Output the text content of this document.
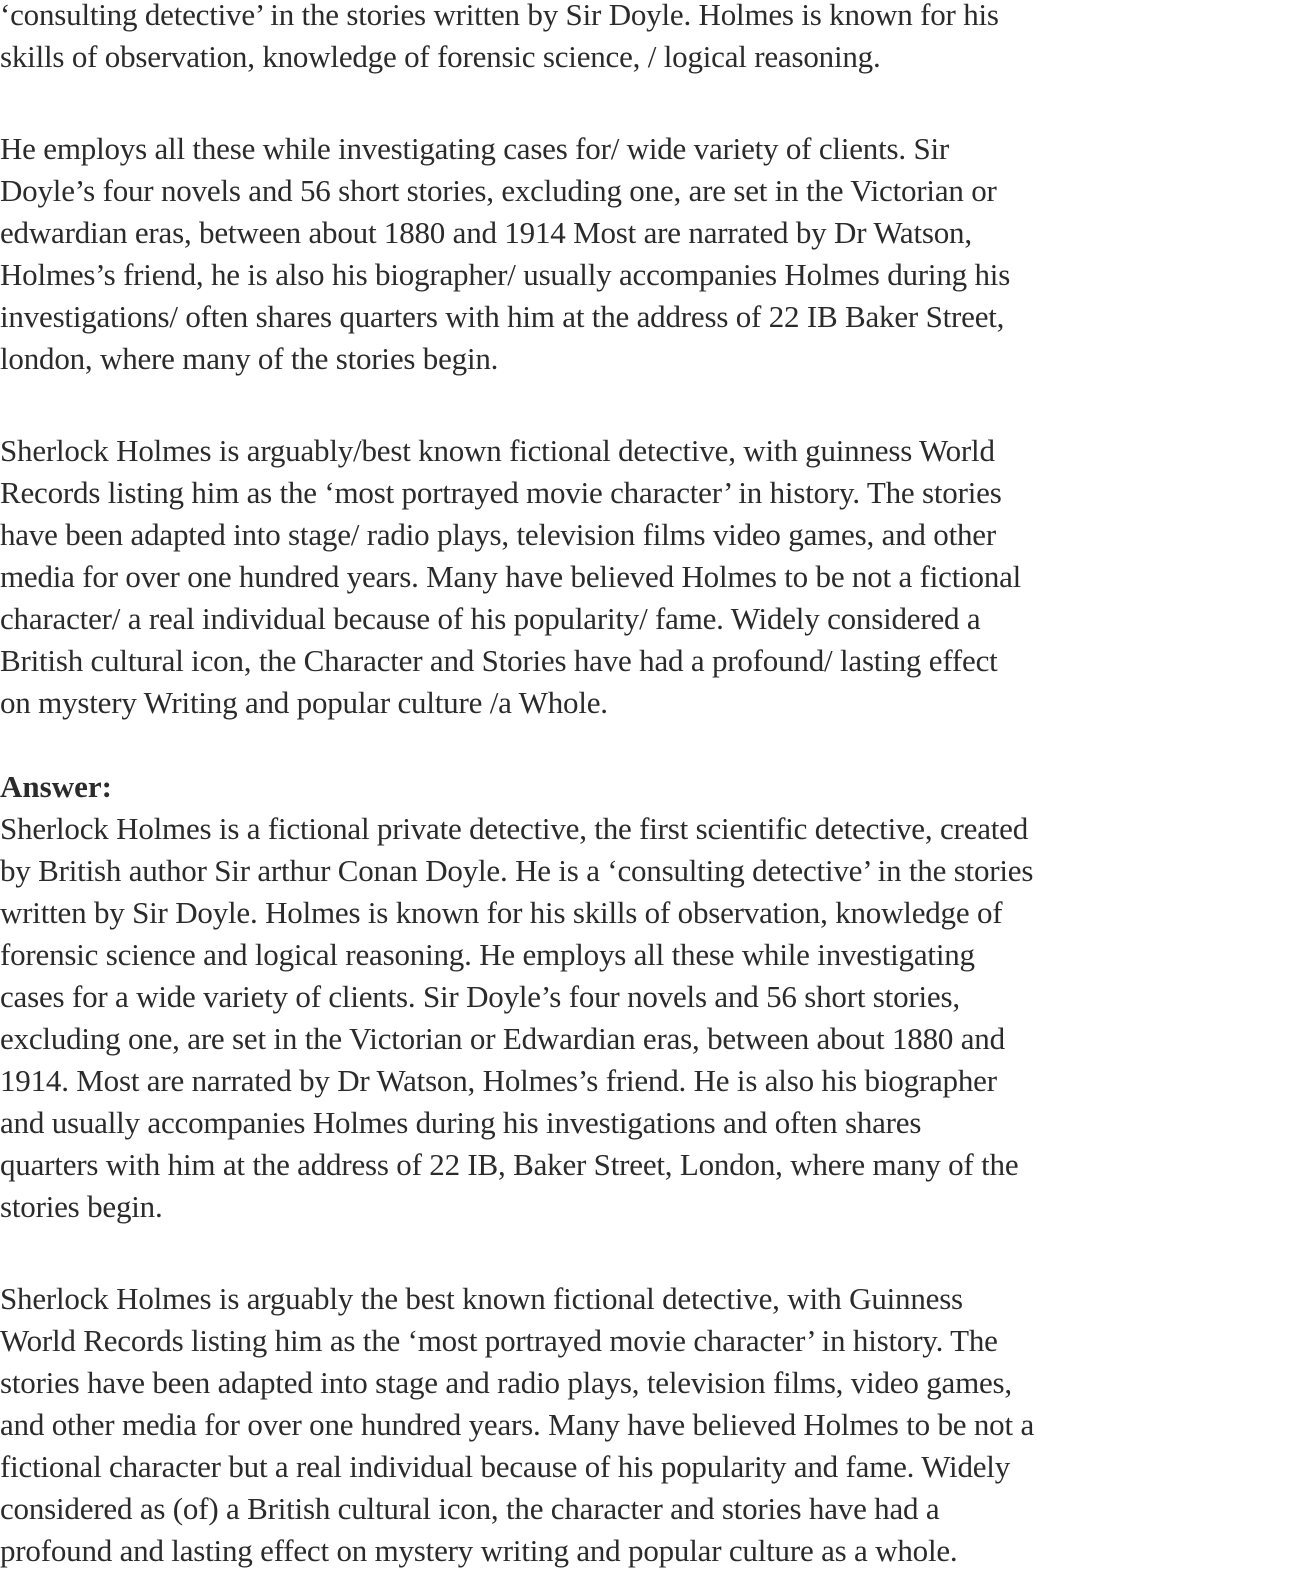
‘consulting detective’ in the stories written by Sir Doyle. Holmes is known for his
skills of observation, knowledge of forensic science, / logical reasoning.
He employs all these while investigating cases for/ wide variety of clients. Sir
Doyle’s four novels and 56 short stories, excluding one, are set in the Victorian or
edwardian eras, between about 1880 and 1914 Most are narrated by Dr Watson,
Holmes’s friend, he is also his biographer/ usually accompanies Holmes during his
investigations/ often shares quarters with him at the address of 22 IB Baker Street,
london, where many of the stories begin.
Sherlock Holmes is arguably/best known fictional detective, with guinness World
Records listing him as the ‘most portrayed movie character’ in history. The stories
have been adapted into stage/ radio plays, television films video games, and other
media for over one hundred years. Many have believed Holmes to be not a fictional
character/ a real individual because of his popularity/ fame. Widely considered a
British cultural icon, the Character and Stories have had a profound/ lasting effect
on mystery Writing and popular culture /a Whole.
Answer:
Sherlock Holmes is a fictional private detective, the first scientific detective, created
by British author Sir arthur Conan Doyle. He is a ‘consulting detective’ in the stories
written by Sir Doyle. Holmes is known for his skills of observation, knowledge of
forensic science and logical reasoning. He employs all these while investigating
cases for a wide variety of clients. Sir Doyle’s four novels and 56 short stories,
excluding one, are set in the Victorian or Edwardian eras, between about 1880 and
1914. Most are narrated by Dr Watson, Holmes’s friend. He is also his biographer
and usually accompanies Holmes during his investigations and often shares
quarters with him at the address of 22 IB, Baker Street, London, where many of the
stories begin.
Sherlock Holmes is arguably the best known fictional detective, with Guinness
World Records listing him as the ‘most portrayed movie character’ in history. The
stories have been adapted into stage and radio plays, television films, video games,
and other media for over one hundred years. Many have believed Holmes to be not a
fictional character but a real individual because of his popularity and fame. Widely
considered as (of) a British cultural icon, the character and stories have had a
profound and lasting effect on mystery writing and popular culture as a whole.
